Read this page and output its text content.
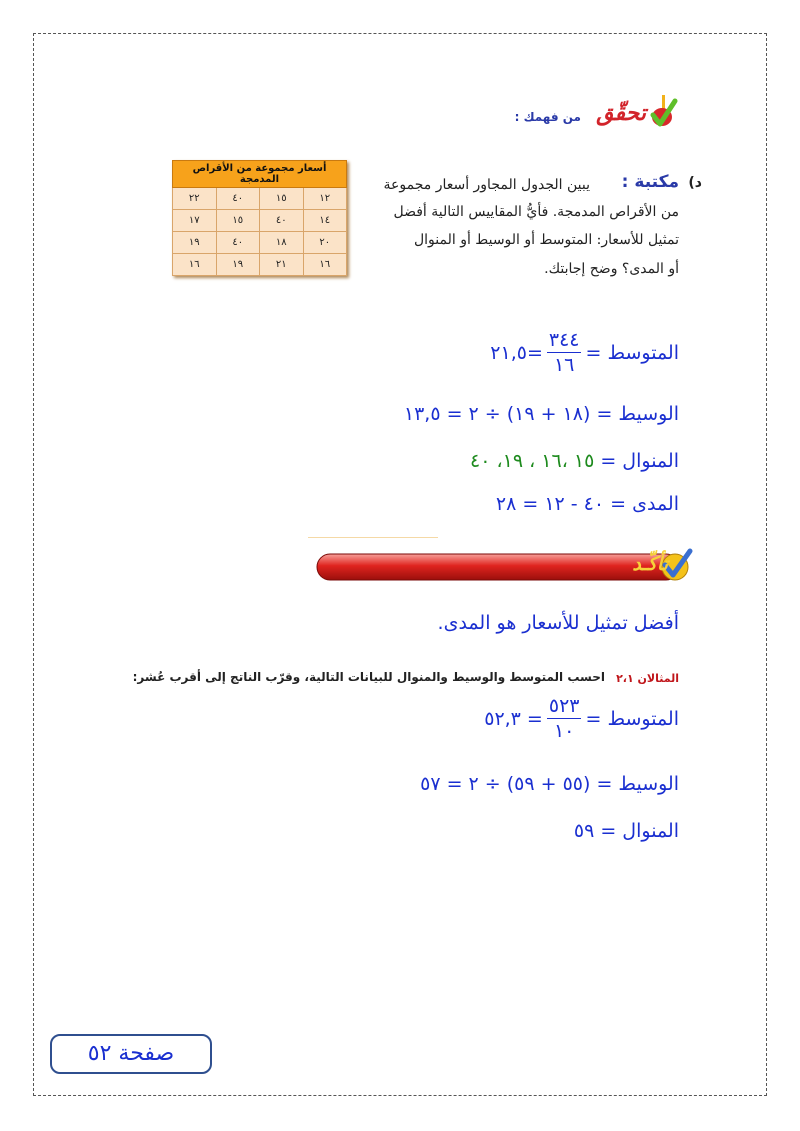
تحقّق
من فهمك :
د)
مكتبة :
يبين الجدول المجاور أسعار مجموعة
من الأقراص المدمجة. فأيُّ المقاييس التالية أفضل
تمثيل للأسعار: المتوسط أو الوسيط أو المنوال
أو المدى؟ وضح إجابتك.
أسعار مجموعة من الأقراص المدمجة			
١٢	١٥	٤٠	٢٢
١٤	٤٠	١٥	١٧
٢٠	١٨	٤٠	١٩
١٦	٢١	١٩	١٦
المتوسط =
$\frac{٣٤٤}{١٦}$
=٢١,٥
الوسيط = (١٨ + ١٩) ÷ ٢ = ١٣,٥
المنوال = ١٥ ،١٦ ، ١٩، ٤٠
المدى = ٤٠ - ١٢ = ٢٨
تأكّـد
أفضل تمثيل للأسعار هو المدى.
المثالان ٢،١
احسب المتوسط والوسيط والمنوال للبيانات التالية، وقرّب الناتج إلى أقرب عُشر:
المتوسط =
$\frac{٥٢٣}{١٠}$
= ٥٢,٣
الوسيط = (٥٥ + ٥٩) ÷ ٢ = ٥٧
المنوال = ٥٩
صفحة ٥٢
